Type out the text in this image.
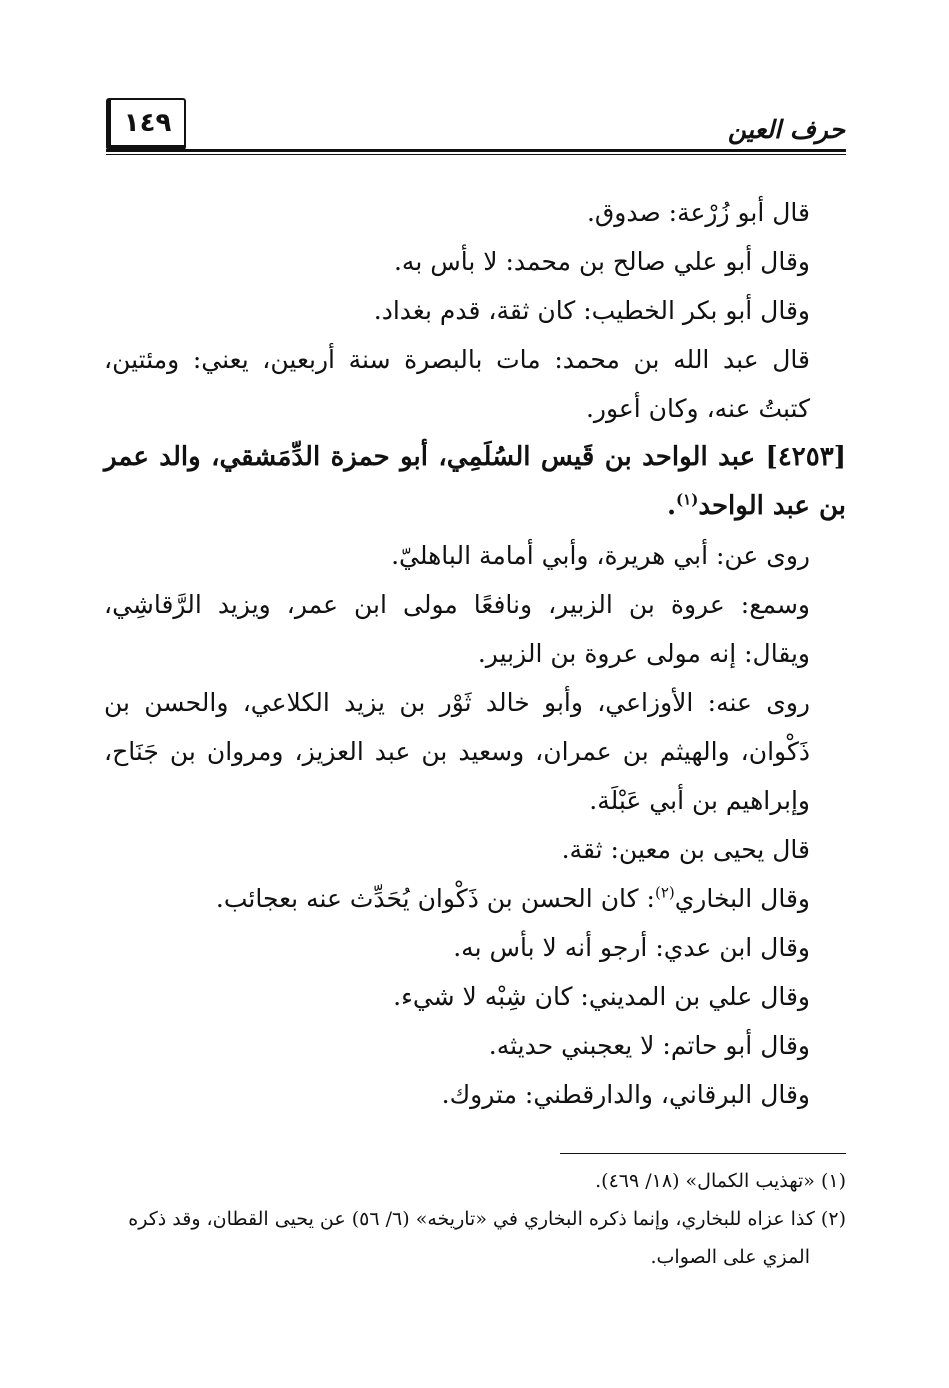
١٤٩	حرف العين

قال أبو زُرْعة: صدوق.

وقال أبو علي صالح بن محمد: لا بأس به.

وقال أبو بكر الخطيب: كان ثقة، قدم بغداد.

قال عبد الله بن محمد: مات بالبصرة سنة أربعين، يعني: ومئتين، كتبتُ عنه، وكان أعور.

[٤٢٥٣] عبد الواحد بن قَيس السُلَمِي، أبو حمزة الدِّمَشقي، والد عمر بن عبد الواحد$^{(١)}$.

روى عن: أبي هريرة، وأبي أمامة الباهليّ.

وسمع: عروة بن الزبير، ونافعًا مولى ابن عمر، ويزيد الرَّقاشِي، ويقال: إنه مولى عروة بن الزبير.

روى عنه: الأوزاعي، وأبو خالد ثَوْر بن يزيد الكلاعي، والحسن بن ذَكْوان، والهيثم بن عمران، وسعيد بن عبد العزيز، ومروان بن جَنَاح، وإبراهيم بن أبي عَبْلَة.

قال يحيى بن معين: ثقة.

وقال البخاري$^{(٢)}$: كان الحسن بن ذَكْوان يُحَدِّث عنه بعجائب.

وقال ابن عدي: أرجو أنه لا بأس به.

وقال علي بن المديني: كان شِبْه لا شيء.

وقال أبو حاتم: لا يعجبني حديثه.

وقال البرقاني، والدارقطني: متروك.

(١) «تهذيب الكمال» (١٨/ ٤٦٩).

(٢) كذا عزاه للبخاري، وإنما ذكره البخاري في «تاريخه» (٦/ ٥٦) عن يحيى القطان، وقد ذكره

المزي على الصواب.
